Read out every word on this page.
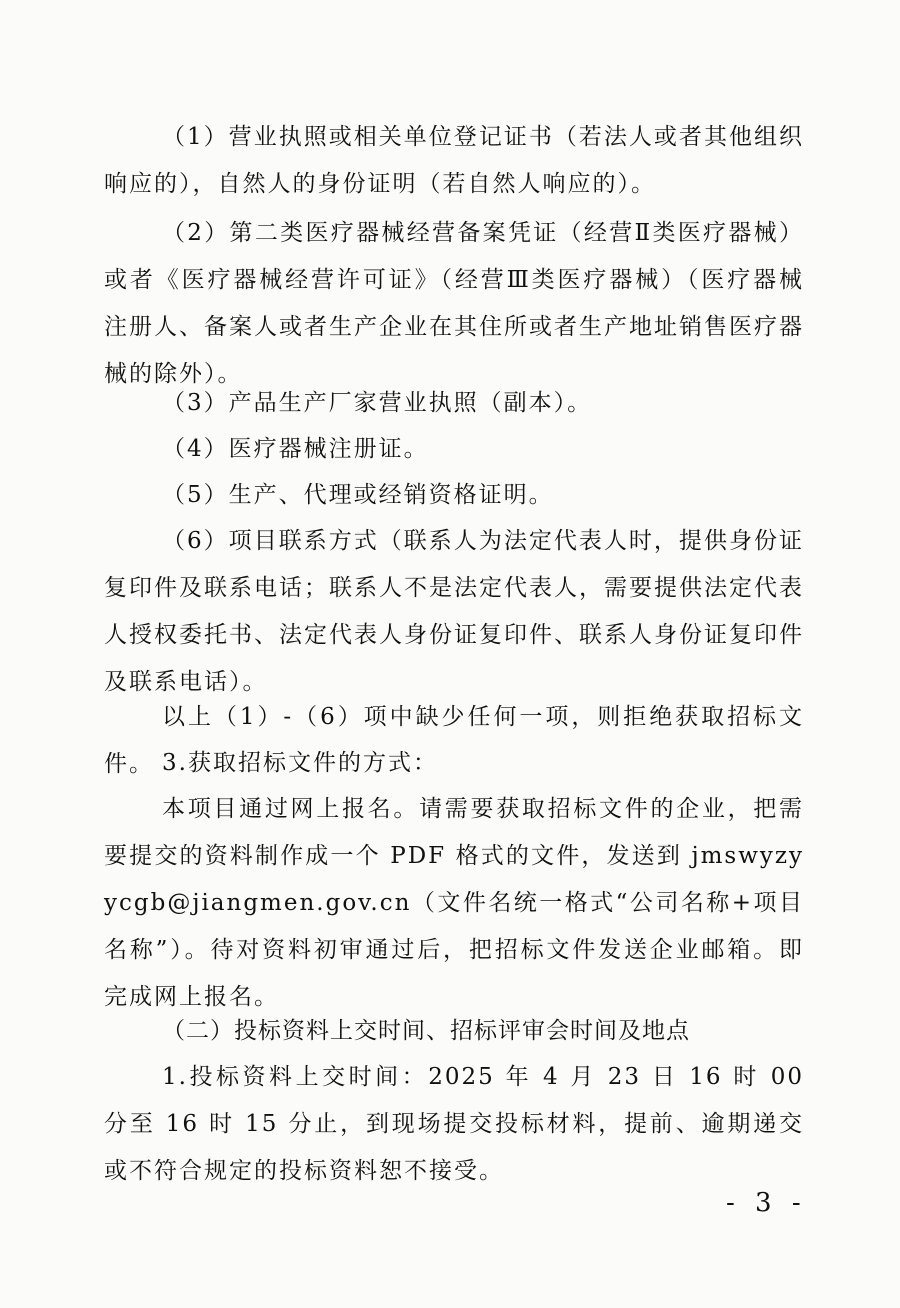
（1）营业执照或相关单位登记证书（若法人或者其他组织响应的），自然人的身份证明（若自然人响应的）。

（2）第二类医疗器械经营备案凭证（经营Ⅱ类医疗器械）或者《医疗器械经营许可证》（经营Ⅲ类医疗器械）（医疗器械注册人、备案人或者生产企业在其住所或者生产地址销售医疗器械的除外）。

（3）产品生产厂家营业执照（副本）。

（4）医疗器械注册证。

（5）生产、代理或经销资格证明。

（6）项目联系方式（联系人为法定代表人时，提供身份证复印件及联系电话；联系人不是法定代表人，需要提供法定代表人授权委托书、法定代表人身份证复印件、联系人身份证复印件及联系电话）。

以上（1）-（6）项中缺少任何一项，则拒绝获取招标文件。 3.获取招标文件的方式：

本项目通过网上报名。请需要获取招标文件的企业，把需要提交的资料制作成一个 PDF 格式的文件，发送到 jmswyzyycgb@jiangmen.gov.cn（文件名统一格式“公司名称+项目名称”）。待对资料初审通过后，把招标文件发送企业邮箱。即完成网上报名。

（二）投标资料上交时间、招标评审会时间及地点

1.投标资料上交时间：2025 年 4 月 23 日 16 时 00 分至 16 时 15 分止，到现场提交投标材料，提前、逾期递交或不符合规定的投标资料恕不接受。

- 3 -
